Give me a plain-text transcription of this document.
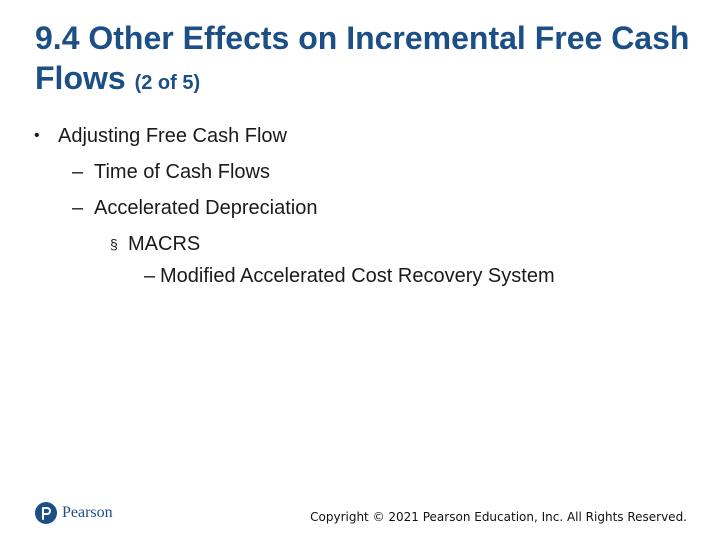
9.4 Other Effects on Incremental Free Cash Flows (2 of 5)
• Adjusting Free Cash Flow
– Time of Cash Flows
– Accelerated Depreciation
§ MACRS
– Modified Accelerated Cost Recovery System
Pearson	Copyright © 2021 Pearson Education, Inc. All Rights Reserved.
